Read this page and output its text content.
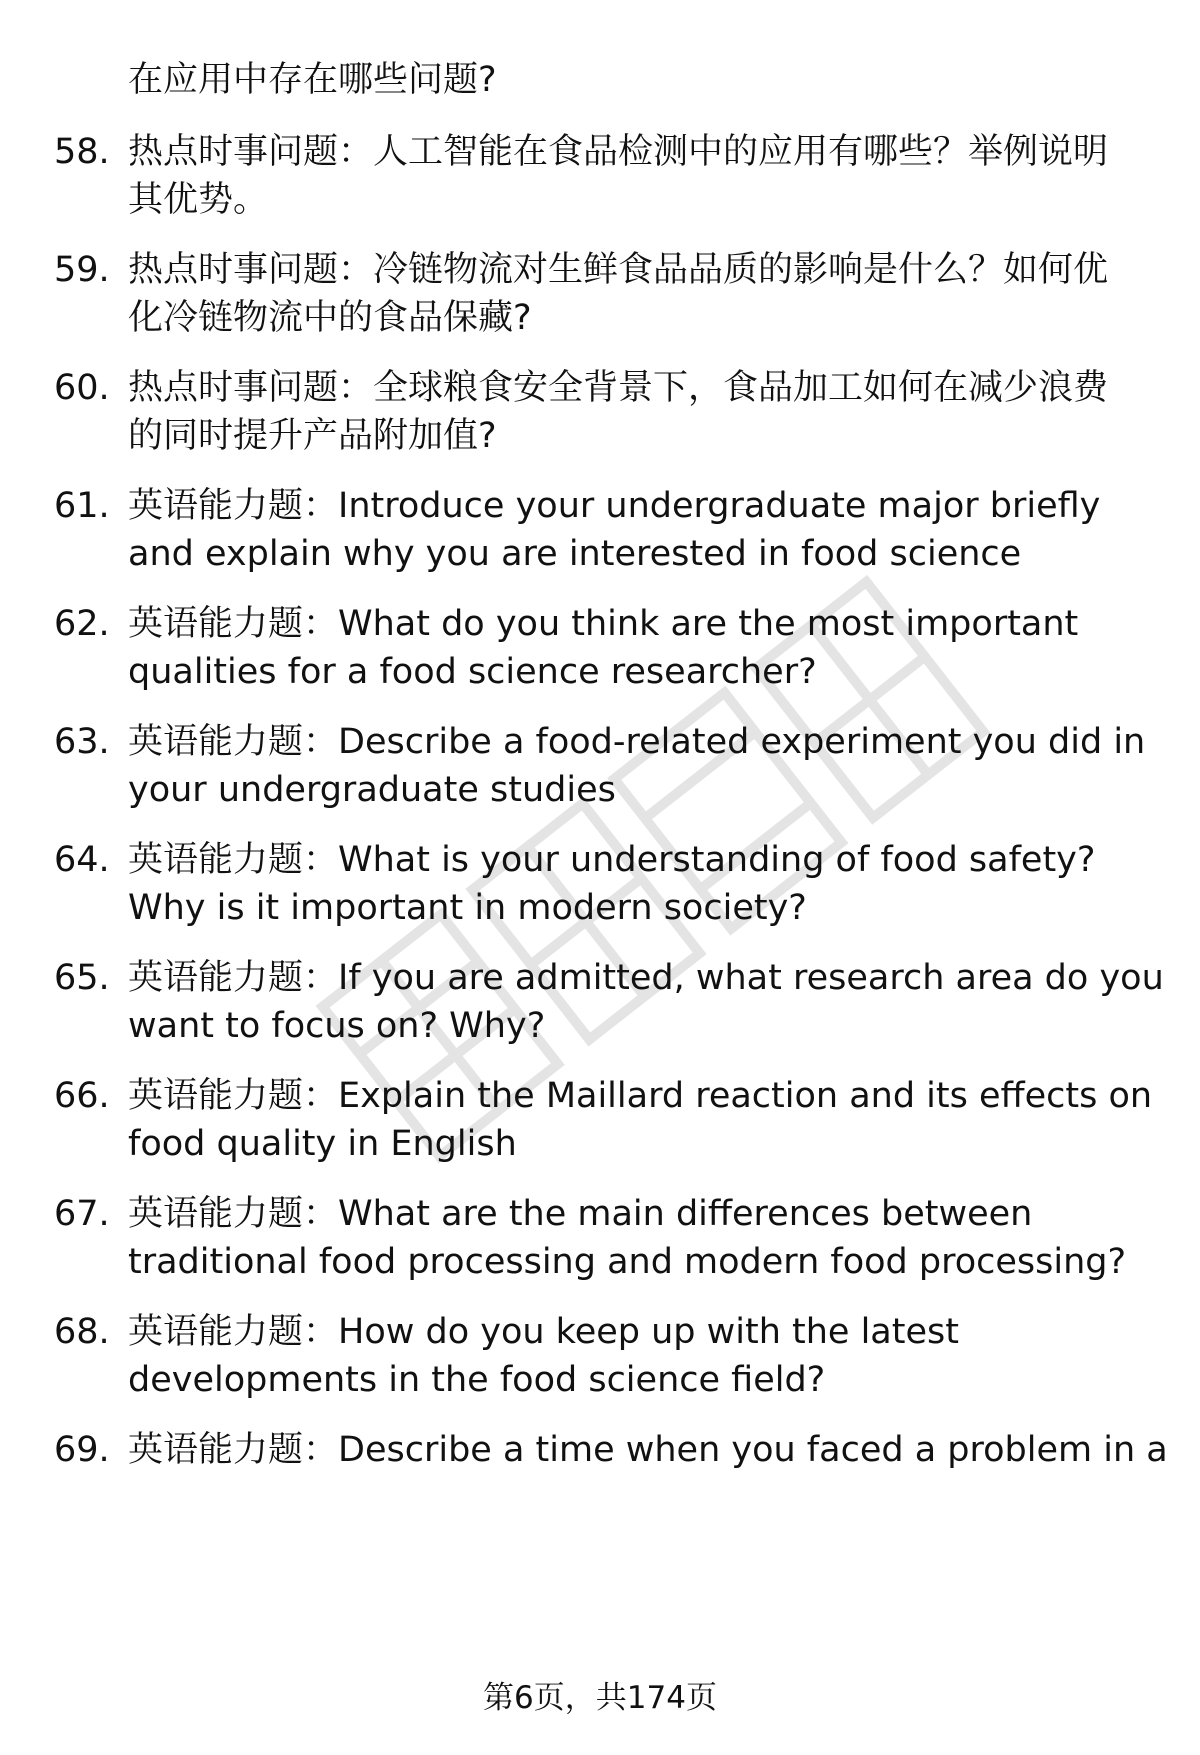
在应用中存在哪些问题?
58. 热点时事问题：人工智能在食品检测中的应用有哪些？举例说明
其优势。
59. 热点时事问题：冷链物流对生鲜食品品质的影响是什么？如何优
化冷链物流中的食品保藏?
60. 热点时事问题：全球粮食安全背景下，食品加工如何在减少浪费
的同时提升产品附加值?
61. 英语能力题：Introduce your undergraduate major briefly
and explain why you are interested in food science
62. 英语能力题：What do you think are the most important
qualities for a food science researcher?
63. 英语能力题：Describe a food-related experiment you did in
your undergraduate studies
64. 英语能力题：What is your understanding of food safety?
Why is it important in modern society?
65. 英语能力题：If you are admitted, what research area do you
want to focus on? Why?
66. 英语能力题：Explain the Maillard reaction and its effects on
food quality in English
67. 英语能力题：What are the main differences between
traditional food processing and modern food processing?
68. 英语能力题：How do you keep up with the latest
developments in the food science field?
69. 英语能力题：Describe a time when you faced a problem in a
第6页，共174页
